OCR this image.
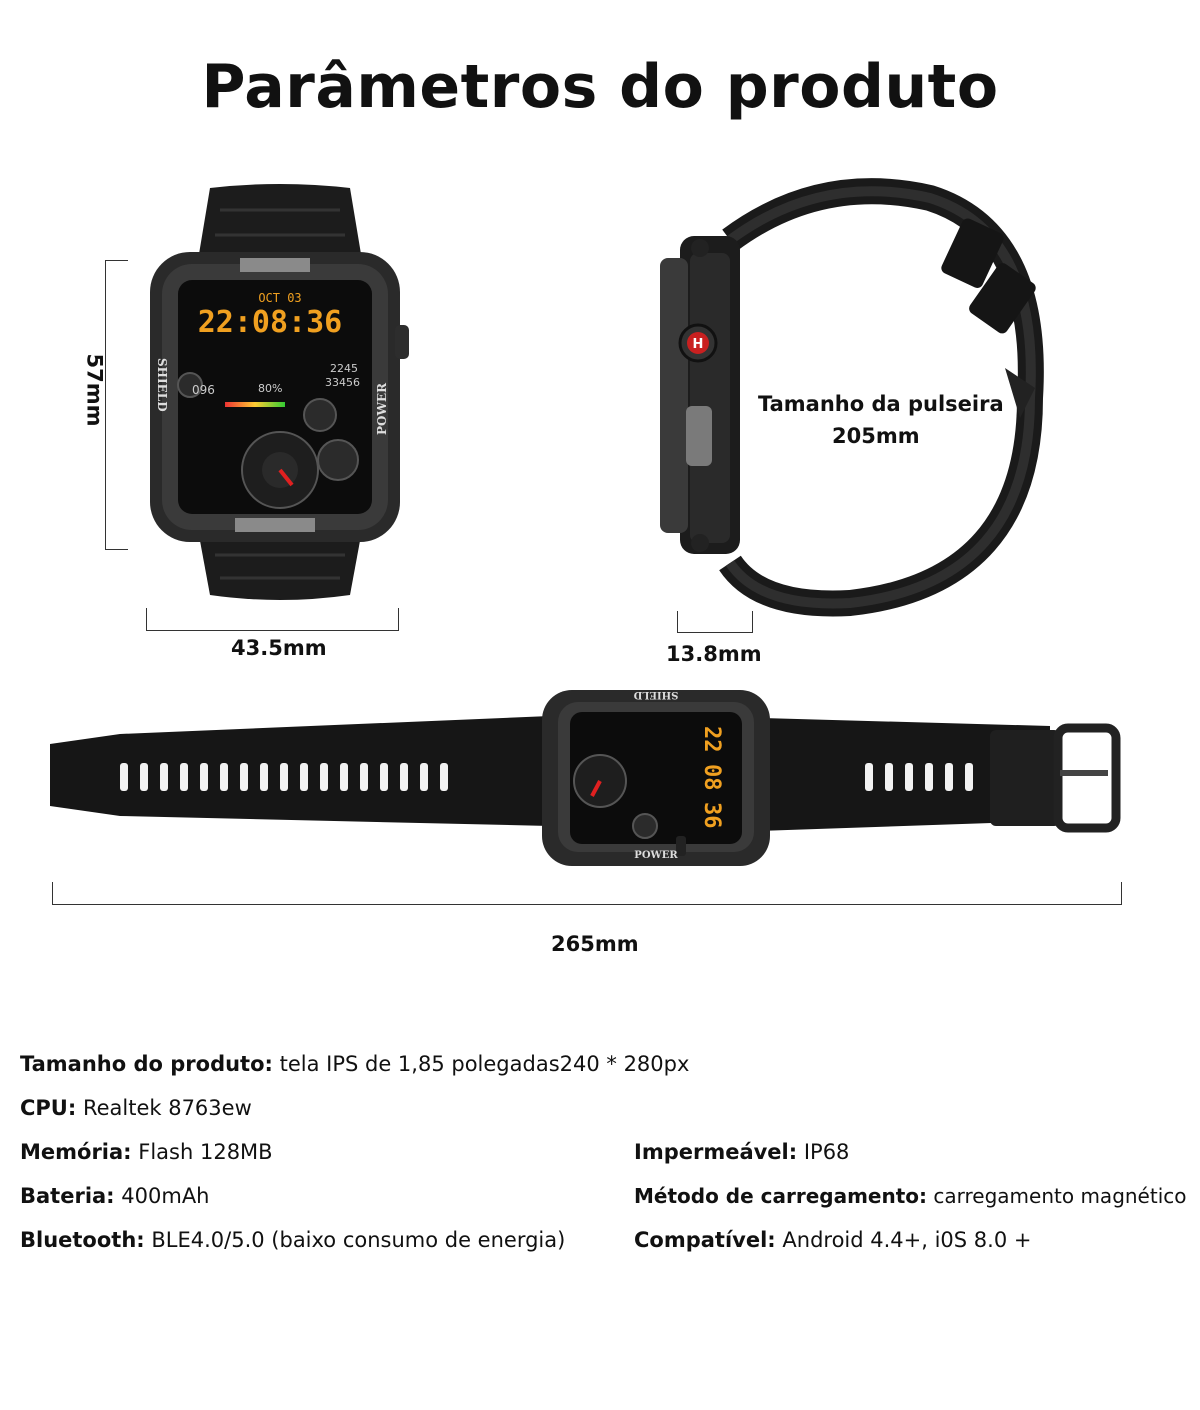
Parâmetros do produto
OCT 03
22:08:36
096	80%
2245
33456
SHIELD	POWER
57mm
43.5mm
H
Tamanho da pulseira
205mm
13.8mm
22
08
36
SHIELD
POWER
265mm
Tamanho do produto: tela IPS de 1,85 polegadas240 * 280px
CPU: Realtek 8763ew
Memória: Flash 128MB
Bateria: 400mAh
Bluetooth: BLE4.0/5.0 (baixo consumo de energia)
Impermeável: IP68
Método de carregamento: carregamento magnético
Compatível: Android 4.4+, i0S 8.0 +
